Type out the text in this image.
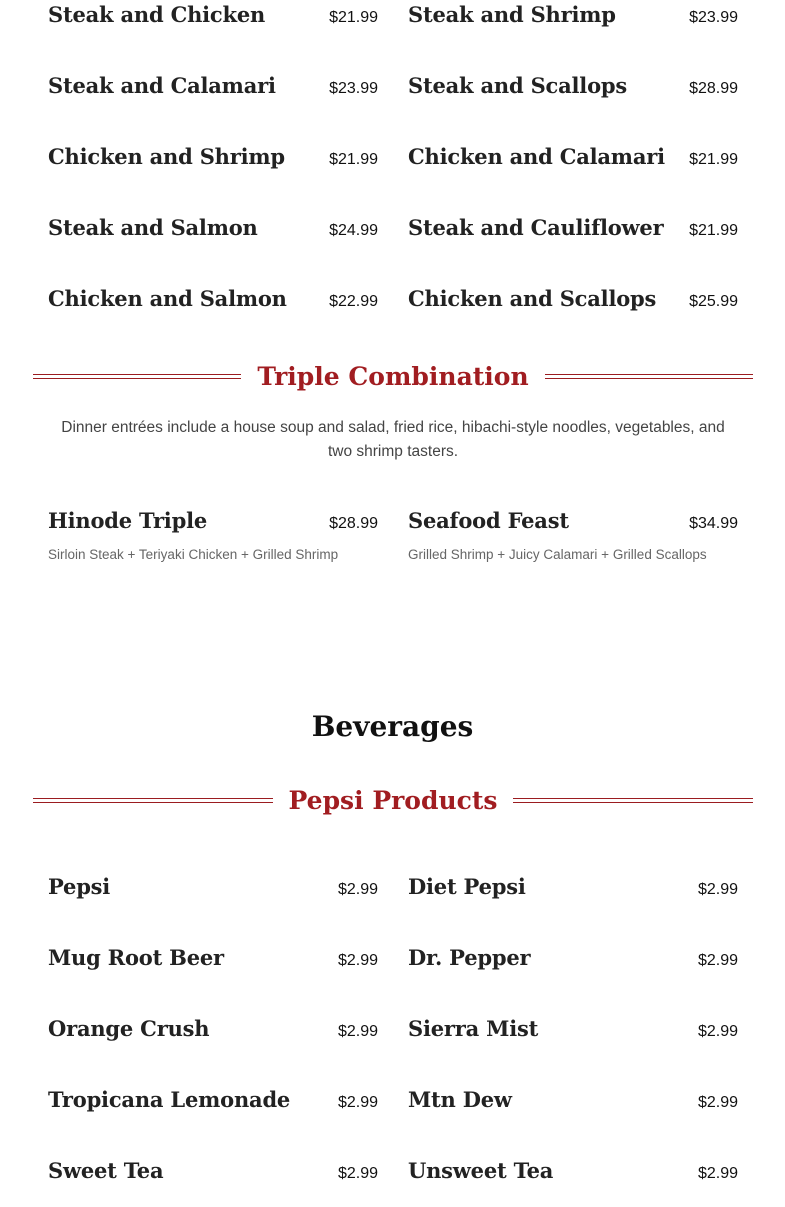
Steak and Chicken	$21.99 Steak and Shrimp	$23.99
Steak and Calamari	$23.99 Steak and Scallops	$28.99
Chicken and Shrimp	$21.99 Chicken and Calamari $21.99
Steak and Salmon	$24.99 Steak and Cauliflower $21.99
Chicken and Salmon	$22.99 Chicken and Scallops $25.99
Triple Combination
Dinner entrées include a house soup and salad, fried rice, hibachi-style noodles, vegetables, and two shrimp tasters.
Hinode Triple	$28.99
Sirloin Steak + Teriyaki Chicken + Grilled Shrimp
Seafood Feast	$34.99
Grilled Shrimp + Juicy Calamari + Grilled Scallops
Beverages
Pepsi Products
Pepsi	$2.99 Diet Pepsi	$2.99
Mug Root Beer	$2.99 Dr. Pepper	$2.99
Orange Crush	$2.99 Sierra Mist	$2.99
Tropicana Lemonade	$2.99 Mtn Dew	$2.99
Sweet Tea	$2.99 Unsweet Tea	$2.99
